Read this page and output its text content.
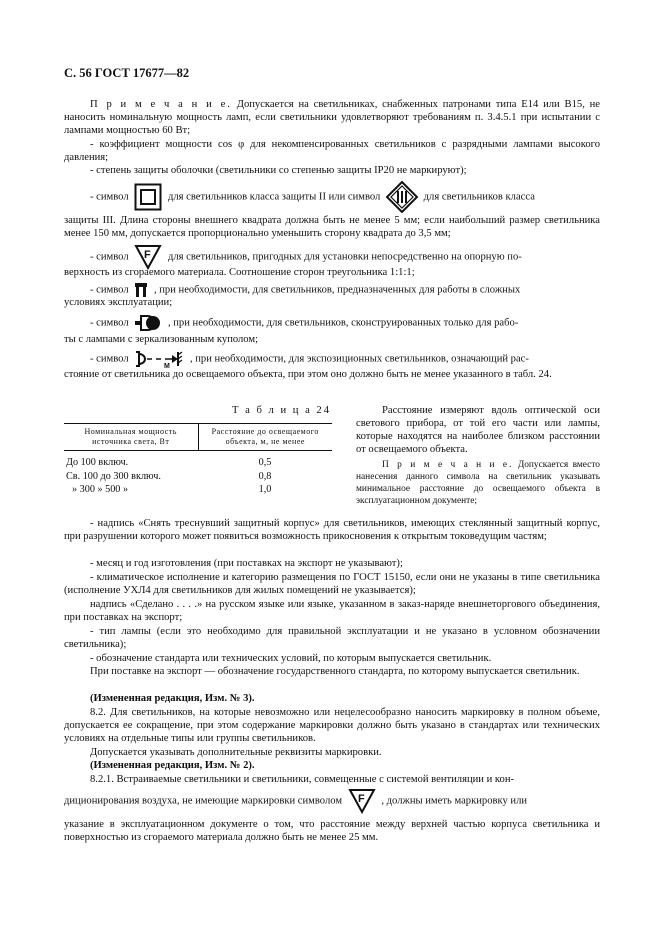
С. 56 ГОСТ 17677—82

П р и м е ч а н и е. Допускается на светильниках, снабженных патронами типа Е14 или В15, не наносить номинальную мощность ламп, если светильники удовлетворяют требованиям п. 3.4.5.1 при испытании с лампами мощностью 60 Вт;

- коэффициент мощности cos φ для некомпенсированных светильников с разрядными лампами высокого давления;

- степень защиты оболочки (светильники со степенью защиты IP20 не маркируют);

- символ	для светильников класса защиты II или символ	для светильников класса

защиты III. Длина стороны внешнего квадрата должна быть не менее 5 мм; если наибольший размер светильника менее 150 мм, допускается пропорционально уменьшить сторону квадрата до 3,5 мм;

- символ F для светильников, пригодных для установки непосредственно на опорную по-

верхность из сгораемого материала. Соотношение сторон треугольника 1:1:1;

- символ , при необходимости, для светильников, предназначенных для работы в сложных

условиях эксплуатации;

- символ	, при необходимости, для светильников, сконструированных только для рабо-

ты с лампами с зеркализованным куполом;

- символ
M
, при необходимости, для экспозиционных светильников, означающий рас-

стояние от светильника до освещаемого объекта, при этом оно должно быть не менее указанного в табл. 24.

Т а б л и ц а 24
Номинальная мощность источника света, Вт	Расстояние до освещаемого объекта, м, не менее
До 100 включ.	0,5
Св. 100 до 300 включ.	0,8
» 300 » 500 »	1,0

Расстояние измеряют вдоль оптической оси светового прибора, от той его части или лампы, которые находятся на наиболее близком расстоянии от освещаемого объекта.

П р и м е ч а н и е. Допускается вместо нанесения данного символа на светильник указывать минимальное расстояние до освещаемого объекта в эксплуатационном документе;

- надпись «Снять треснувший защитный корпус» для светильников, имеющих стеклянный защитный корпус, при разрушении которого может появиться возможность прикосновения к открытым токоведущим частям;

- месяц и год изготовления (при поставках на экспорт не указывают);

- климатическое исполнение и категорию размещения по ГОСТ 15150, если они не указаны в типе светильника (исполнение УХЛ4 для светильников для жилых помещений не указывается);

надпись «Сделано . . . .» на русском языке или языке, указанном в заказ-наряде внешнеторгового объединения, при поставках на экспорт;

- тип лампы (если это необходимо для правильной эксплуатации и не указано в условном обозначении светильника);

- обозначение стандарта или технических условий, по которым выпускается светильник.

При поставке на экспорт — обозначение государственного стандарта, по которому выпускается светильник.

(Измененная редакция, Изм. № 3).

8.2. Для светильников, на которые невозможно или нецелесообразно наносить маркировку в полном объеме, допускается ее сокращение, при этом содержание маркировки должно быть указано в стандартах или технических условиях на отдельные типы или группы светильников.

Допускается указывать дополнительные реквизиты маркировки.

(Измененная редакция, Изм. № 2).

8.2.1. Встраиваемые светильники и светильники, совмещенные с системой вентиляции и кон-

диционирования воздуха, не имеющие маркировки символом F , должны иметь маркировку или

указание в эксплуатационном документе о том, что расстояние между верхней частью корпуса светильника и поверхностью из сгораемого материала должно быть не менее 25 мм.
